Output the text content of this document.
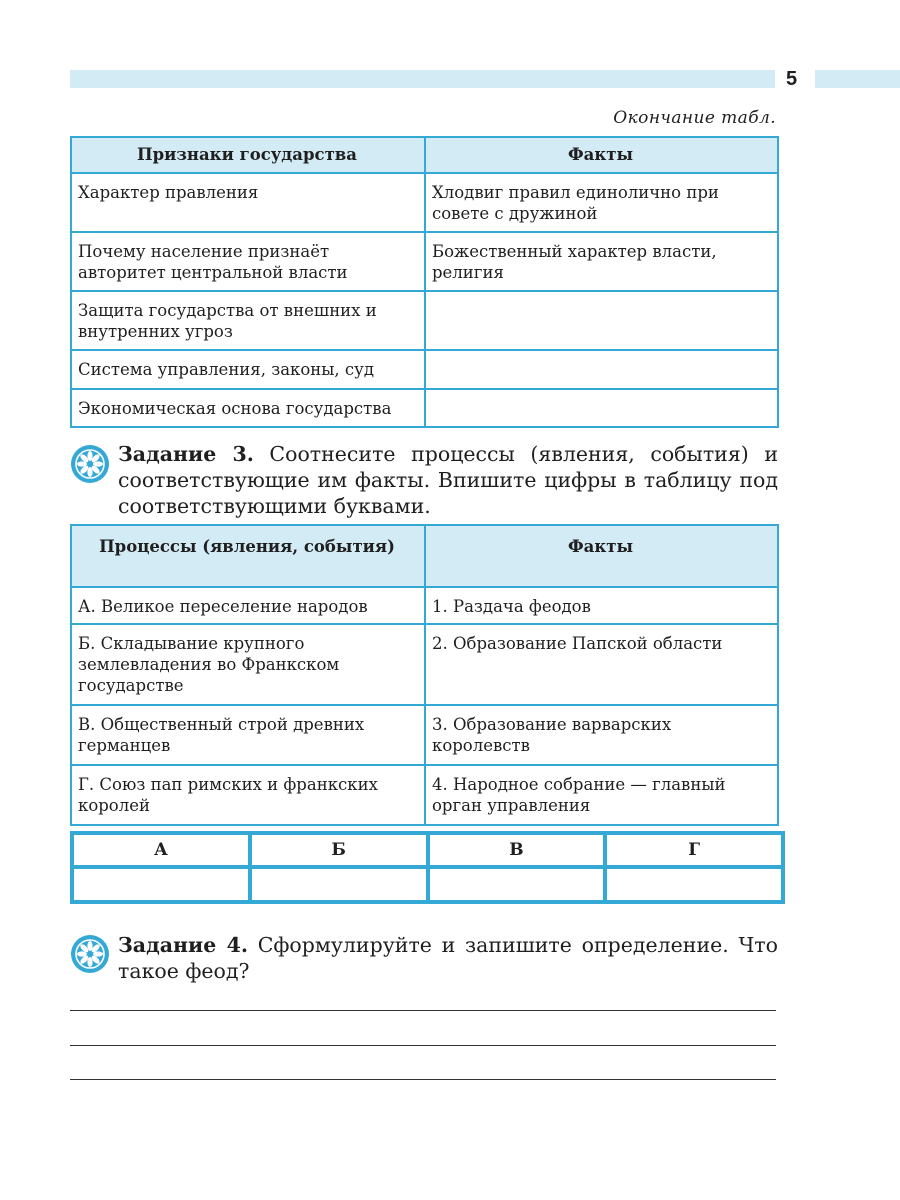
5
Окончание табл.
Признаки государства	Факты
Характер правления	Хлодвиг правил единолично при совете с дружиной
Почему население признаёт авторитет центральной власти	Божественный характер власти, религия
Защита государства от внешних и внутренних угроз	
Система управления, законы, суд	
Экономическая основа государства	
Задание 3. Соотнесите процессы (явления, события) и соответствующие им факты. Впишите цифры в таблицу под соответствующими буквами.
Процессы (явления, события)	Факты
А. Великое переселение народов	1. Раздача феодов
Б. Складывание крупного землевладения во Франкском государстве	2. Образование Папской области
В. Общественный строй древних германцев	3. Образование варварских королевств
Г. Союз пап римских и франкских королей	4. Народное собрание — главный орган управления
А	Б	В	Г

Задание 4. Сформулируйте и запишите определение. Что такое феод?
